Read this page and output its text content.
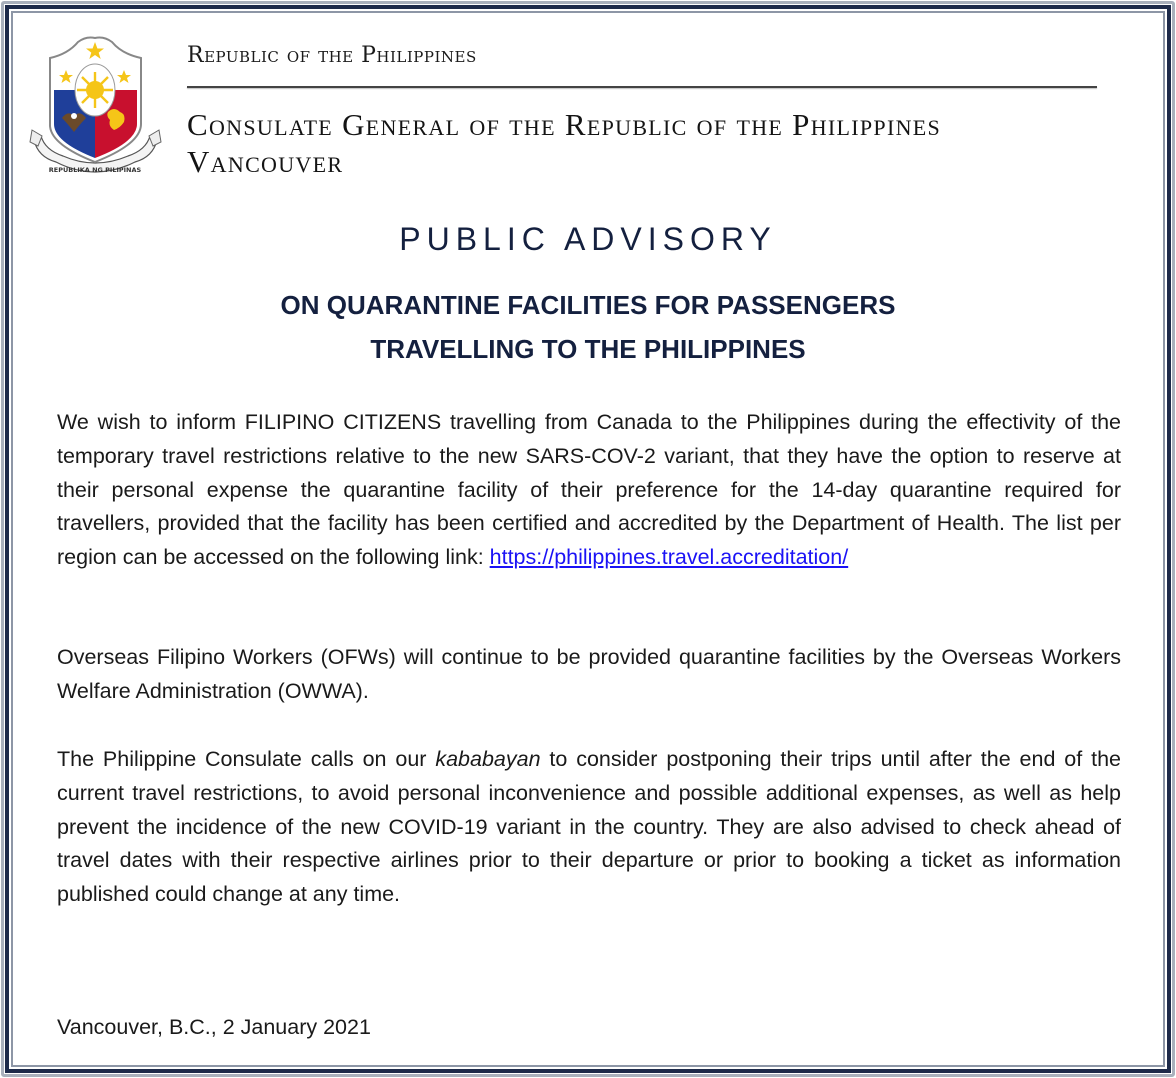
REPUBLIKA NG PILIPINAS
Republic of the Philippines
Consulate General of the Republic of the Philippines
Vancouver
PUBLIC ADVISORY
ON QUARANTINE FACILITIES FOR PASSENGERS
TRAVELLING TO THE PHILIPPINES
We wish to inform FILIPINO CITIZENS travelling from Canada to the Philippines during the effectivity of the temporary travel restrictions relative to the new SARS-COV-2 variant, that they have the option to reserve at their personal expense the quarantine facility of their preference for the 14-day quarantine required for travellers, provided that the facility has been certified and accredited by the Department of Health. The list per region can be accessed on the following link: https://philippines.travel.accreditation/
Overseas Filipino Workers (OFWs) will continue to be provided quarantine facilities by the Overseas Workers Welfare Administration (OWWA).
The Philippine Consulate calls on our kababayan to consider postponing their trips until after the end of the current travel restrictions, to avoid personal inconvenience and possible additional expenses, as well as help prevent the incidence of the new COVID-19 variant in the country. They are also advised to check ahead of travel dates with their respective airlines prior to their departure or prior to booking a ticket as information published could change at any time.
Vancouver, B.C., 2 January 2021
